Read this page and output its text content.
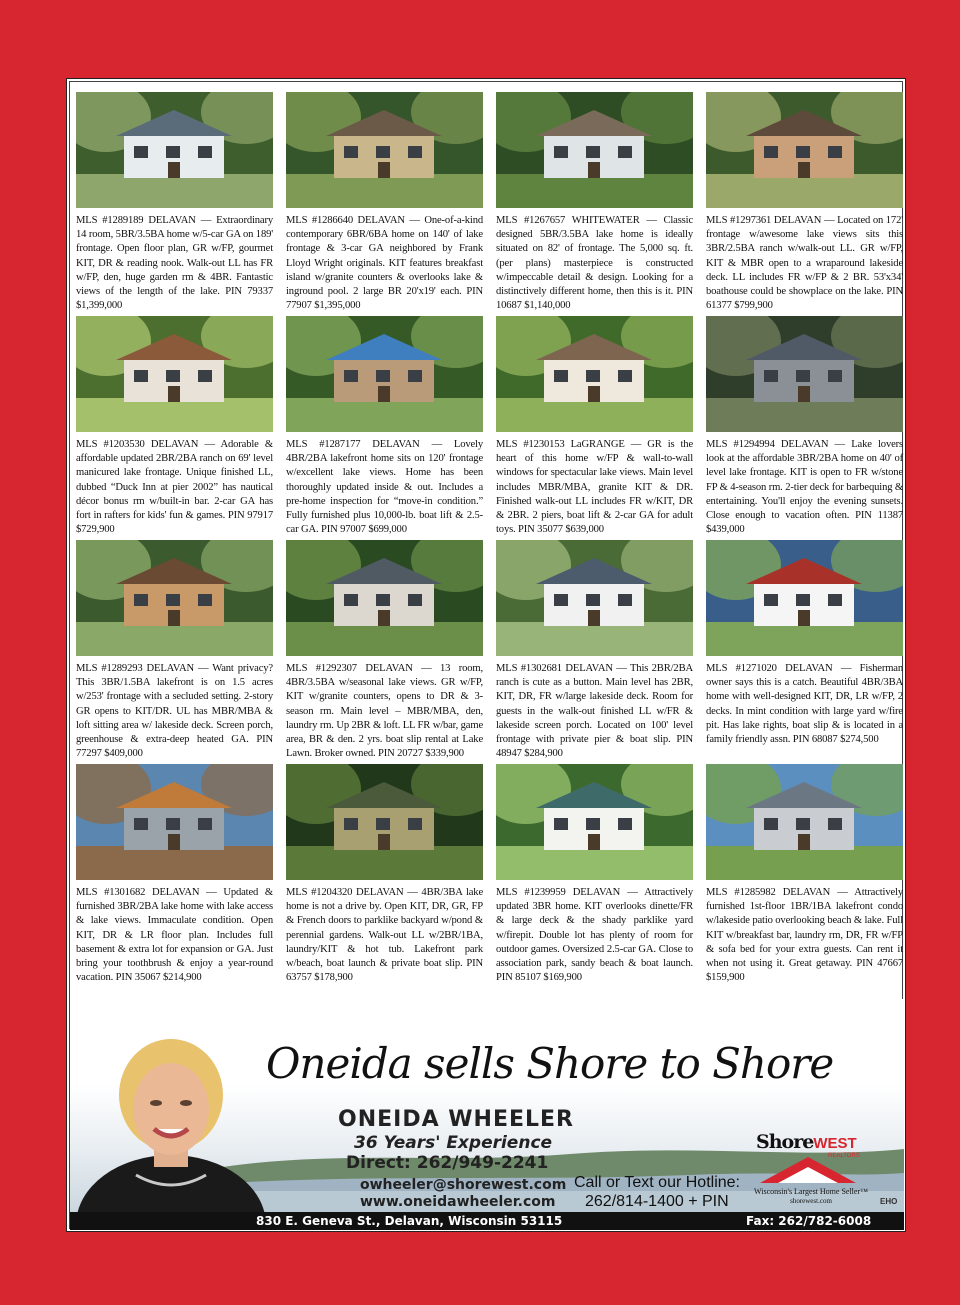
MLS #1289189 DELAVAN — Extraordinary 14 room, 5BR/3.5BA home w/5-car GA on 189' frontage. Open floor plan, GR w/FP, gourmet KIT, DR & reading nook. Walk-out LL has FR w/FP, den, huge garden rm & 4BR. Fantastic views of the length of the lake. PIN 79337 $1,399,000
MLS #1286640 DELAVAN — One-of-a-kind contemporary 6BR/6BA home on 140' of lake frontage & 3-car GA neighbored by Frank Lloyd Wright originals. KIT features breakfast island w/granite counters & overlooks lake & inground pool. 2 large BR 20'x19' each. PIN 77907 $1,395,000
MLS #1267657 WHITEWATER — Classic designed 5BR/3.5BA lake home is ideally situated on 82' of frontage. The 5,000 sq. ft. (per plans) masterpiece is constructed w/impeccable detail & design. Looking for a distinctively different home, then this is it. PIN 10687 $1,140,000
MLS #1297361 DELAVAN — Located on 172' frontage w/awesome lake views sits this 3BR/2.5BA ranch w/walk-out LL. GR w/FP, KIT & MBR open to a wraparound lakeside deck. LL includes FR w/FP & 2 BR. 53'x34' boathouse could be showplace on the lake. PIN 61377 $799,900
MLS #1203530 DELAVAN — Adorable & affordable updated 2BR/2BA ranch on 69' level manicured lake frontage. Unique finished LL, dubbed “Duck Inn at pier 2002” has nautical décor bonus rm w/built-in bar. 2-car GA has fort in rafters for kids' fun & games. PIN 97917 $729,900
MLS #1287177 DELAVAN — Lovely 4BR/2BA lakefront home sits on 120' frontage w/excellent lake views. Home has been thoroughly updated inside & out. Includes a pre-home inspection for “move-in condition.” Fully furnished plus 10,000-lb. boat lift & 2.5-car GA. PIN 97007 $699,000
MLS #1230153 LaGRANGE — GR is the heart of this home w/FP & wall-to-wall windows for spectacular lake views. Main level includes MBR/MBA, granite KIT & DR. Finished walk-out LL includes FR w/KIT, DR & 2BR. 2 piers, boat lift & 2-car GA for adult toys. PIN 35077 $639,000
MLS #1294994 DELAVAN — Lake lovers look at the affordable 3BR/2BA home on 40' of level lake frontage. KIT is open to FR w/stone FP & 4-season rm. 2-tier deck for barbequing & entertaining. You'll enjoy the evening sunsets. Close enough to vacation often. PIN 11387 $439,000
MLS #1289293 DELAVAN — Want privacy? This 3BR/1.5BA lakefront is on 1.5 acres w/253' frontage with a secluded setting. 2-story GR opens to KIT/DR. UL has MBR/MBA & loft sitting area w/ lakeside deck. Screen porch, greenhouse & extra-deep heated GA. PIN 77297 $409,000
MLS #1292307 DELAVAN — 13 room, 4BR/3.5BA w/seasonal lake views. GR w/FP, KIT w/granite counters, opens to DR & 3-season rm. Main level – MBR/MBA, den, laundry rm. Up 2BR & loft. LL FR w/bar, game area, BR & den. 2 yrs. boat slip rental at Lake Lawn. Broker owned. PIN 20727 $339,900
MLS #1302681 DELAVAN — This 2BR/2BA ranch is cute as a button. Main level has 2BR, KIT, DR, FR w/large lakeside deck. Room for guests in the walk-out finished LL w/FR & lakeside screen porch. Located on 100' level frontage with private pier & boat slip. PIN 48947 $284,900
MLS #1271020 DELAVAN — Fisherman owner says this is a catch. Beautiful 4BR/3BA home with well-designed KIT, DR, LR w/FP, 2 decks. In mint condition with large yard w/fire pit. Has lake rights, boat slip & is located in a family friendly assn. PIN 68087 $274,500
MLS #1301682 DELAVAN — Updated & furnished 3BR/2BA lake home with lake access & lake views. Immaculate condition. Open KIT, DR & LR floor plan. Includes full basement & extra lot for expansion or GA. Just bring your toothbrush & enjoy a year-round vacation. PIN 35067 $214,900
MLS #1204320 DELAVAN — 4BR/3BA lake home is not a drive by. Open KIT, DR, GR, FP & French doors to parklike backyard w/pond & perennial gardens. Walk-out LL w/2BR/1BA, laundry/KIT & hot tub. Lakefront park w/beach, boat launch & private boat slip. PIN 63757 $178,900
MLS #1239959 DELAVAN — Attractively updated 3BR home. KIT overlooks dinette/FR & large deck & the shady parklike yard w/firepit. Double lot has plenty of room for outdoor games. Oversized 2.5-car GA. Close to association park, sandy beach & boat launch. PIN 85107 $169,900
MLS #1285982 DELAVAN — Attractively furnished 1st-floor 1BR/1BA lakefront condo w/lakeside patio overlooking beach & lake. Full KIT w/breakfast bar, laundry rm, DR, FR w/FP & sofa bed for your extra guests. Can rent it when not using it. Great getaway. PIN 47667 $159,900
Oneida sells Shore to Shore
ONEIDA WHEELER
36 Years' Experience
Direct: 262/949-2241
owheeler@shorewest.com
www.oneidawheeler.com
Call or Text our Hotline:
262/814-1400 + PIN
ShoreWEST
REALTORS
Wisconsin's Largest Home Seller™
shorewest.com	EHO
830 E. Geneva St., Delavan, Wisconsin 53115	Fax: 262/782-6008
